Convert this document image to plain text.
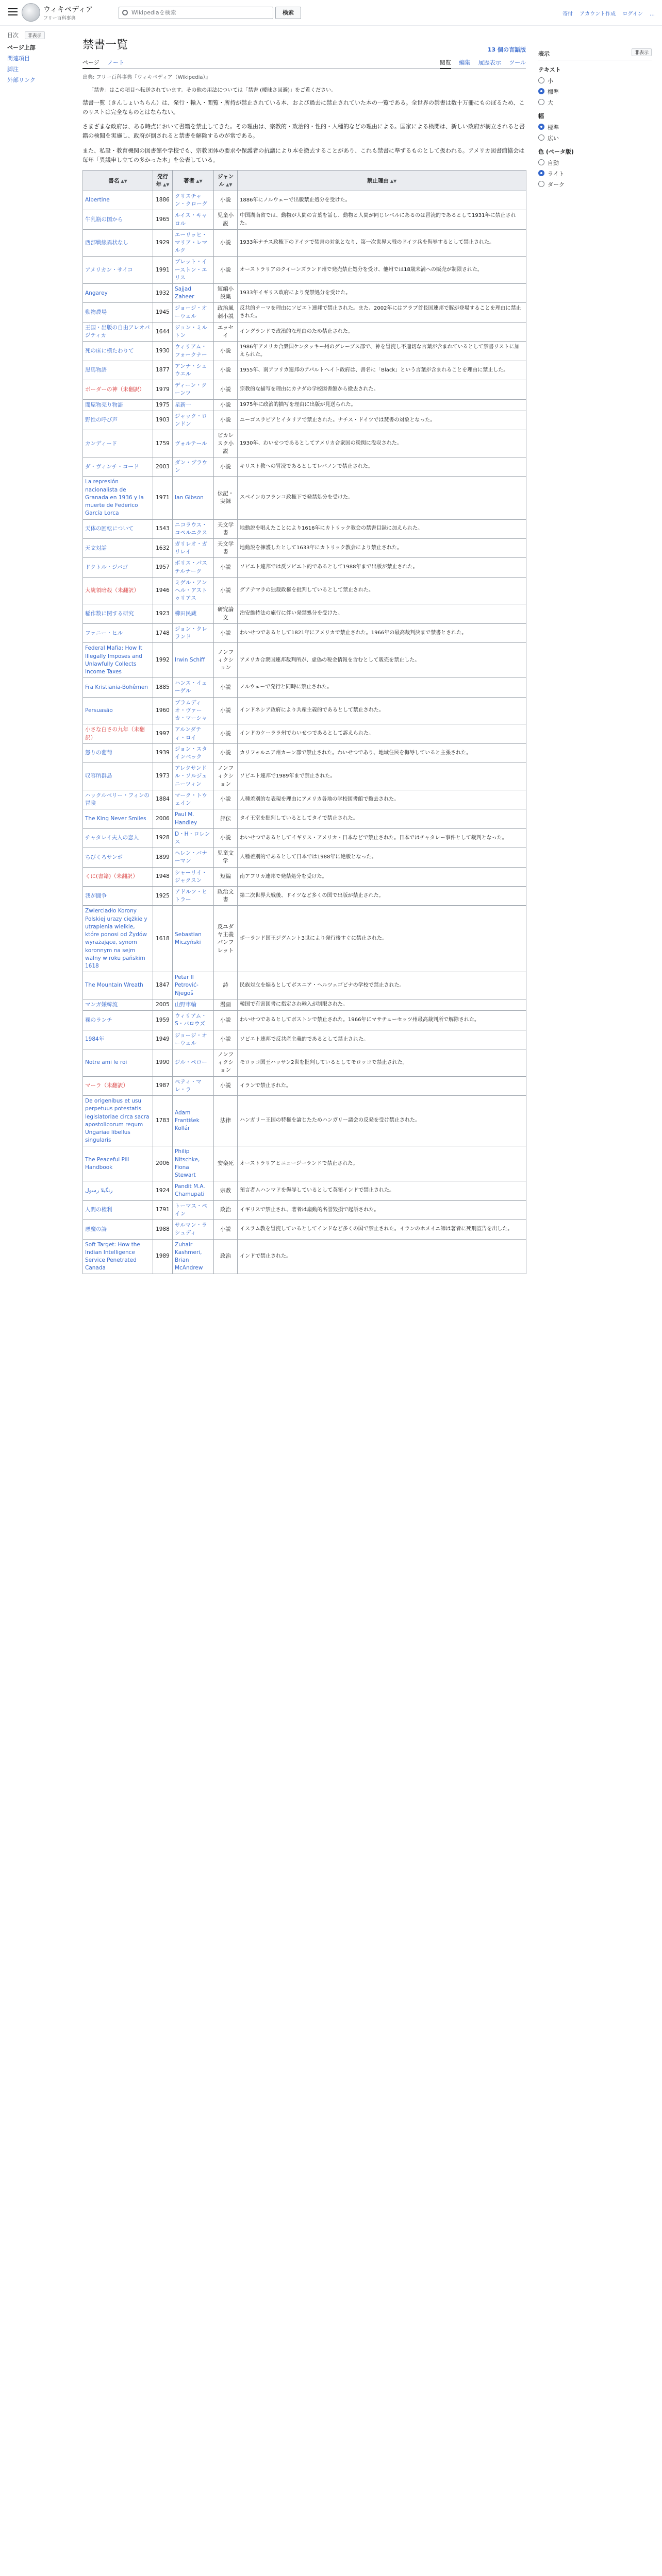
ウィキペディア
フリー百科事典
Wikipediaを検索	検索	寄付 アカウント作成 ログイン …
目次 非表示
ページ上部
関連項目
脚注
外部リンク
禁書一覧	13 個の言語版
ページ ノート	閲覧 編集 履歴表示 ツール
出典: フリー百科事典『ウィキペディア（Wikipedia）』
「禁書」はこの項目へ転送されています。その他の用法については「禁書 (曖昧さ回避)」をご覧ください。

禁書一覧（きんしょいちらん）は、発行・輸入・閲覧・所持が禁止されている本、および過去に禁止されていた本の一覧である。全世界の禁書は数十万冊にものぼるため、このリストは完全なものとはならない。

さまざまな政府は、ある時点において書籍を禁止してきた。その理由は、宗教的・政治的・性的・人種的などの理由による。国家による検閲は、新しい政府が樹立されると書籍の検閲を実施し、政府が倒されると禁書を解除するのが常である。

また、私設・教育機関の図書館や学校でも、宗教団体の要求や保護者の抗議により本を撤去することがあり、これも禁書に準ずるものとして扱われる。アメリカ図書館協会は毎年「異議申し立ての多かった本」を公表している。

書名 ▲▼	発行年 ▲▼	著者 ▲▼	ジャンル ▲▼	禁止理由 ▲▼
Albertine	1886	クリスチャン・クローグ	小説	1886年にノルウェーで出版禁止処分を受けた。
牛乳瓶の国から	1965	ルイス・キャロル	児童小説	中国湖南省では、動物が人間の言葉を話し、動物と人間が同じレベルにあるのは冒涜的であるとして1931年に禁止された。
西部戦線異状なし	1929	エーリッヒ・マリア・レマルク	小説	1933年ナチス政権下のドイツで焚書の対象となり、第一次世界大戦のドイツ兵を侮辱するとして禁止された。
アメリカン・サイコ	1991	ブレット・イーストン・エリス	小説	オーストラリアのクイーンズランド州で発売禁止処分を受け、他州では18歳未満への販売が制限された。
Angarey	1932	Sajjad Zaheer	短編小説集	1933年イギリス政府により発禁処分を受けた。
動物農場	1945	ジョージ・オーウェル	政治風刺小説	反共的テーマを理由にソビエト連邦で禁止された。また、2002年にはアラブ首長国連邦で豚が登場することを理由に禁止された。
王国・出版の自由アレオパジティカ	1644	ジョン・ミルトン	エッセイ	イングランドで政治的な理由のため禁止された。
死の床に横たわりて	1930	ウィリアム・フォークナー	小説	1986年アメリカ合衆国ケンタッキー州のグレーブス郡で、神を冒涜し不適切な言葉が含まれているとして禁書リストに加えられた。
黒馬物語	1877	アンナ・シュウエル	小説	1955年、南アフリカ連邦のアパルトヘイト政府は、書名に「Black」という言葉が含まれることを理由に禁止した。
ボーダーの神（未翻訳）	1979	ディーン・クーンツ	小説	宗教的な描写を理由にカナダの学校図書館から撤去された。
闇屋物売り物語	1975	星新一	小説	1975年に政治的描写を理由に出版が見送られた。
野性の呼び声	1903	ジャック・ロンドン	小説	ユーゴスラビアとイタリアで禁止された。ナチス・ドイツでは焚書の対象となった。
カンディード	1759	ヴォルテール	ピカレスク小説	1930年、わいせつであるとしてアメリカ合衆国の税関に没収された。
ダ・ヴィンチ・コード	2003	ダン・ブラウン	小説	キリスト教への冒涜であるとしてレバノンで禁止された。
La represión nacionalista de Granada en 1936 y la muerte de Federico García Lorca	1971	Ian Gibson	伝記・実録	スペインのフランコ政権下で発禁処分を受けた。
天体の回転について	1543	ニコラウス・コペルニクス	天文学書	地動説を唱えたことにより1616年にカトリック教会の禁書目録に加えられた。
天文対話	1632	ガリレオ・ガリレイ	天文学書	地動説を擁護したとして1633年にカトリック教会により禁止された。
ドクトル・ジバゴ	1957	ボリス・パステルナーク	小説	ソビエト連邦では反ソビエト的であるとして1988年まで出版が禁止された。
大統領暗殺（未翻訳）	1946	ミゲル・アンヘル・アストゥリアス	小説	グアテマラの独裁政権を批判しているとして禁止された。
稲作数に関する研究	1923	櫛田民蔵	研究論文	治安維持法の施行に伴い発禁処分を受けた。
ファニー・ヒル	1748	ジョン・クレランド	小説	わいせつであるとして1821年にアメリカで禁止された。1966年の最高裁判決まで禁書とされた。
Federal Mafia: How It Illegally Imposes and Unlawfully Collects Income Taxes	1992	Irwin Schiff	ノンフィクション	アメリカ合衆国連邦裁判所が、虚偽の税金情報を含むとして販売を禁止した。
Fra Kristiania-Bohêmen	1885	ハンス・イェーゲル	小説	ノルウェーで発行と同時に禁止された。
Persuasão	1960	ブラムディオ・ヴァーカ・マーシャ	小説	インドネシア政府により共産主義的であるとして禁止された。
小さな白さの九年（未翻訳）	1997	アルンダティ・ロイ	小説	インドのケーララ州でわいせつであるとして訴えられた。
怒りの葡萄	1939	ジョン・スタインベック	小説	カリフォルニア州カーン郡で禁止された。わいせつであり、地域住民を侮辱していると主張された。
収容所群島	1973	アレクサンドル・ソルジェニーツィン	ノンフィクション	ソビエト連邦で1989年まで禁止された。
ハックルベリー・フィンの冒険	1884	マーク・トウェイン	小説	人種差別的な表現を理由にアメリカ各地の学校図書館で撤去された。
The King Never Smiles	2006	Paul M. Handley	評伝	タイ王室を批判しているとしてタイで禁止された。
チャタレイ夫人の恋人	1928	D・H・ロレンス	小説	わいせつであるとしてイギリス・アメリカ・日本などで禁止された。日本ではチャタレー事件として裁判となった。
ちびくろサンボ	1899	ヘレン・バナーマン	児童文学	人種差別的であるとして日本では1988年に絶版となった。
くに(書籍)（未翻訳）	1948	シャーリイ・ジャクスン	短編	南アフリカ連邦で発禁処分を受けた。
我が闘争	1925	アドルフ・ヒトラー	政治文書	第二次世界大戦後、ドイツなど多くの国で出版が禁止された。
Zwierciadło Korony Polskiej urazy ciężkie y utrapienia wielkie, które ponosi od Żydów wyrażające, synom koronnym na sejm walny w roku pańskim 1618	1618	Sebastian Miczyński	反ユダヤ主義パンフレット	ポーランド国王ジグムント3世により発行後すぐに禁止された。
The Mountain Wreath	1847	Petar II Petrović-Njegoš	詩	民族対立を煽るとしてボスニア・ヘルツェゴビナの学校で禁止された。
マンガ嫌韓流	2005	山野車輪	漫画	韓国で有害図書に指定され輸入が制限された。
裸のランチ	1959	ウィリアム・S・バロウズ	小説	わいせつであるとしてボストンで禁止された。1966年にマサチューセッツ州最高裁判所で解除された。
1984年	1949	ジョージ・オーウェル	小説	ソビエト連邦で反共産主義的であるとして禁止された。
Notre ami le roi	1990	ジル・ペロー	ノンフィクション	モロッコ国王ハッサン2世を批判しているとしてモロッコで禁止された。
マーラ（未翻訳）	1987	ペティ・マレ・ラ	小説	イランで禁止された。
De origenibus et usu perpetuus potestatis legislatoriae circa sacra apostolicorum regum Ungariae libellus singularis	1783	Adam František Kollár	法律	ハンガリー王国の特権を論じたためハンガリー議会の反発を受け禁止された。
The Peaceful Pill Handbook	2006	Philip Nitschke, Fiona Stewart	安楽死	オーストラリアとニュージーランドで禁止された。
رنگیلا رسول	1924	Pandit M.A. Chamupati	宗教	預言者ムハンマドを侮辱しているとして英領インドで禁止された。
人間の権利	1791	トーマス・ペイン	政治	イギリスで禁止され、著者は扇動的名誉毀損で起訴された。
悪魔の詩	1988	サルマン・ラシュディ	小説	イスラム教を冒涜しているとしてインドなど多くの国で禁止された。イランのホメイニ師は著者に死刑宣告を出した。
Soft Target: How the Indian Intelligence Service Penetrated Canada	1989	Zuhair Kashmeri, Brian McAndrew	政治	インドで禁止された。
表示	非表示
テキスト
小
標準
大
幅
標準
広い
色 (ベータ版)
自動
ライト
ダーク
